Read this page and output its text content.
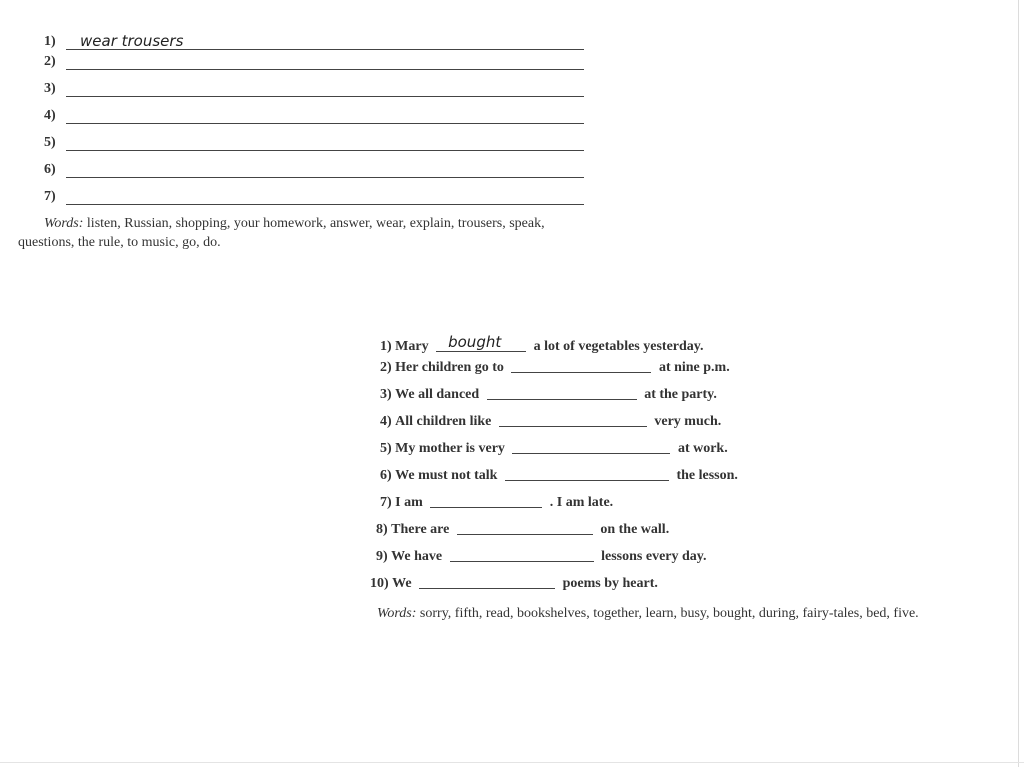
1) wear trousers
2)
3)
4)
5)
6)
7)
Words: listen, Russian, shopping, your homework, answer, wear, explain, trousers, speak, questions, the rule, to music, go, do.
1) Mary bought a lot of vegetables yesterday.
2) Her children go to	at nine p.m.
3) We all danced	at the party.
4) All children like	very much.
5) My mother is very	at work.
6) We must not talk	the lesson.
7) I am	. I am late.
8) There are	on the wall.
9) We have	lessons every day.
10) We	poems by heart.
Words: sorry, fifth, read, bookshelves, together, learn, busy, bought, during, fairy-tales, bed, five.
